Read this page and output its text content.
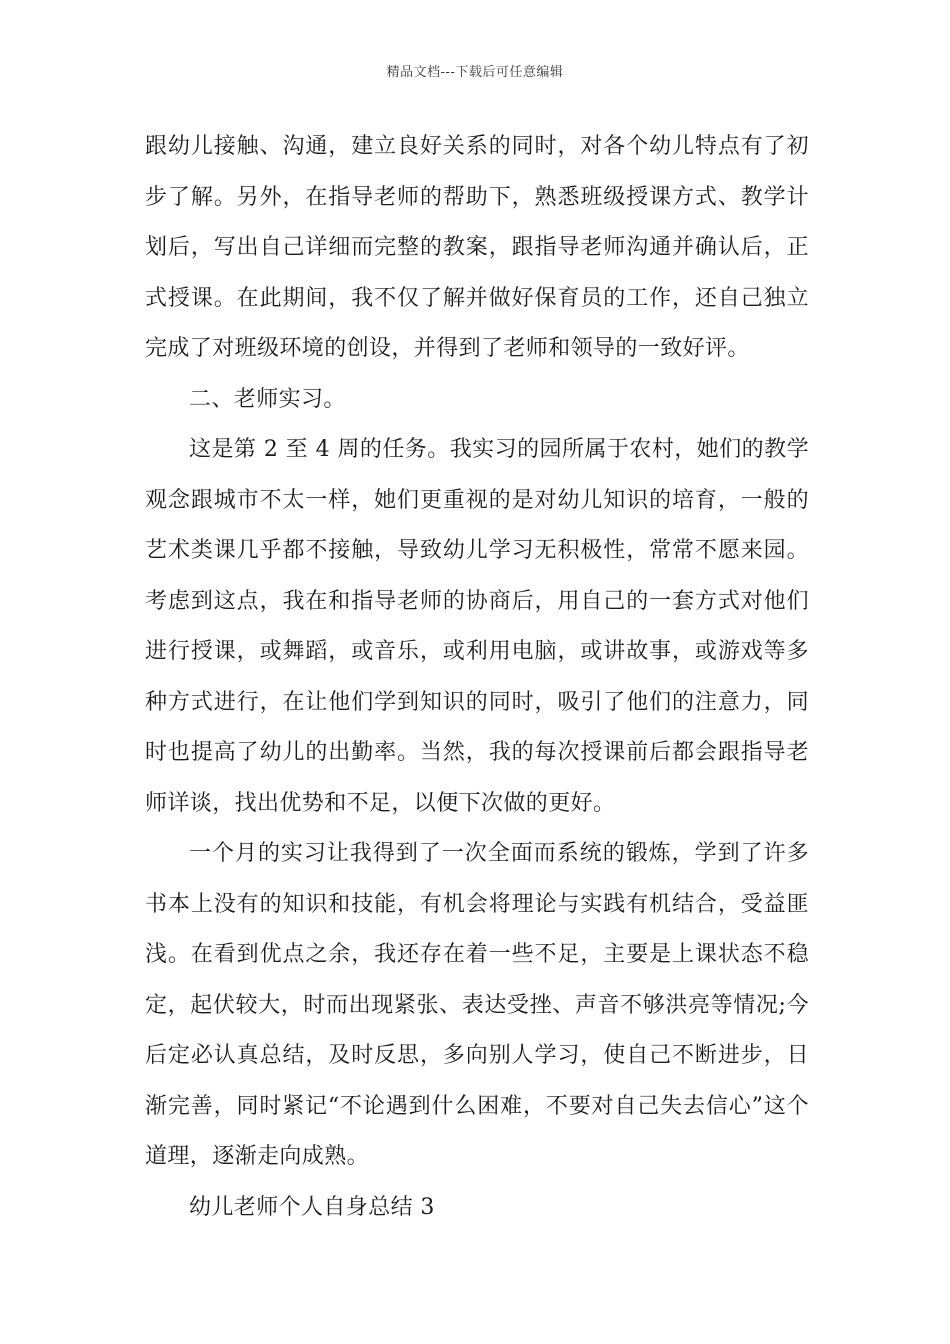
精品文档---下载后可任意编辑

跟幼儿接触、沟通，建立良好关系的同时，对各个幼儿特点有了初步了解。另外，在指导老师的帮助下，熟悉班级授课方式、教学计划后，写出自己详细而完整的教案，跟指导老师沟通并确认后，正式授课。在此期间，我不仅了解并做好保育员的工作，还自己独立完成了对班级环境的创设，并得到了老师和领导的一致好评。

二、老师实习。

这是第 2 至 4 周的任务。我实习的园所属于农村，她们的教学观念跟城市不太一样，她们更重视的是对幼儿知识的培育，一般的艺术类课几乎都不接触，导致幼儿学习无积极性，常常不愿来园。考虑到这点，我在和指导老师的协商后，用自己的一套方式对他们进行授课，或舞蹈，或音乐，或利用电脑，或讲故事，或游戏等多种方式进行，在让他们学到知识的同时，吸引了他们的注意力，同时也提高了幼儿的出勤率。当然，我的每次授课前后都会跟指导老师详谈，找出优势和不足，以便下次做的更好。

一个月的实习让我得到了一次全面而系统的锻炼，学到了许多书本上没有的知识和技能，有机会将理论与实践有机结合，受益匪浅。在看到优点之余，我还存在着一些不足，主要是上课状态不稳定，起伏较大，时而出现紧张、表达受挫、声音不够洪亮等情况;今后定必认真总结，及时反思，多向别人学习，使自己不断进步，日渐完善，同时紧记“不论遇到什么困难，不要对自己失去信心”这个道理，逐渐走向成熟。

幼儿老师个人自身总结 3
